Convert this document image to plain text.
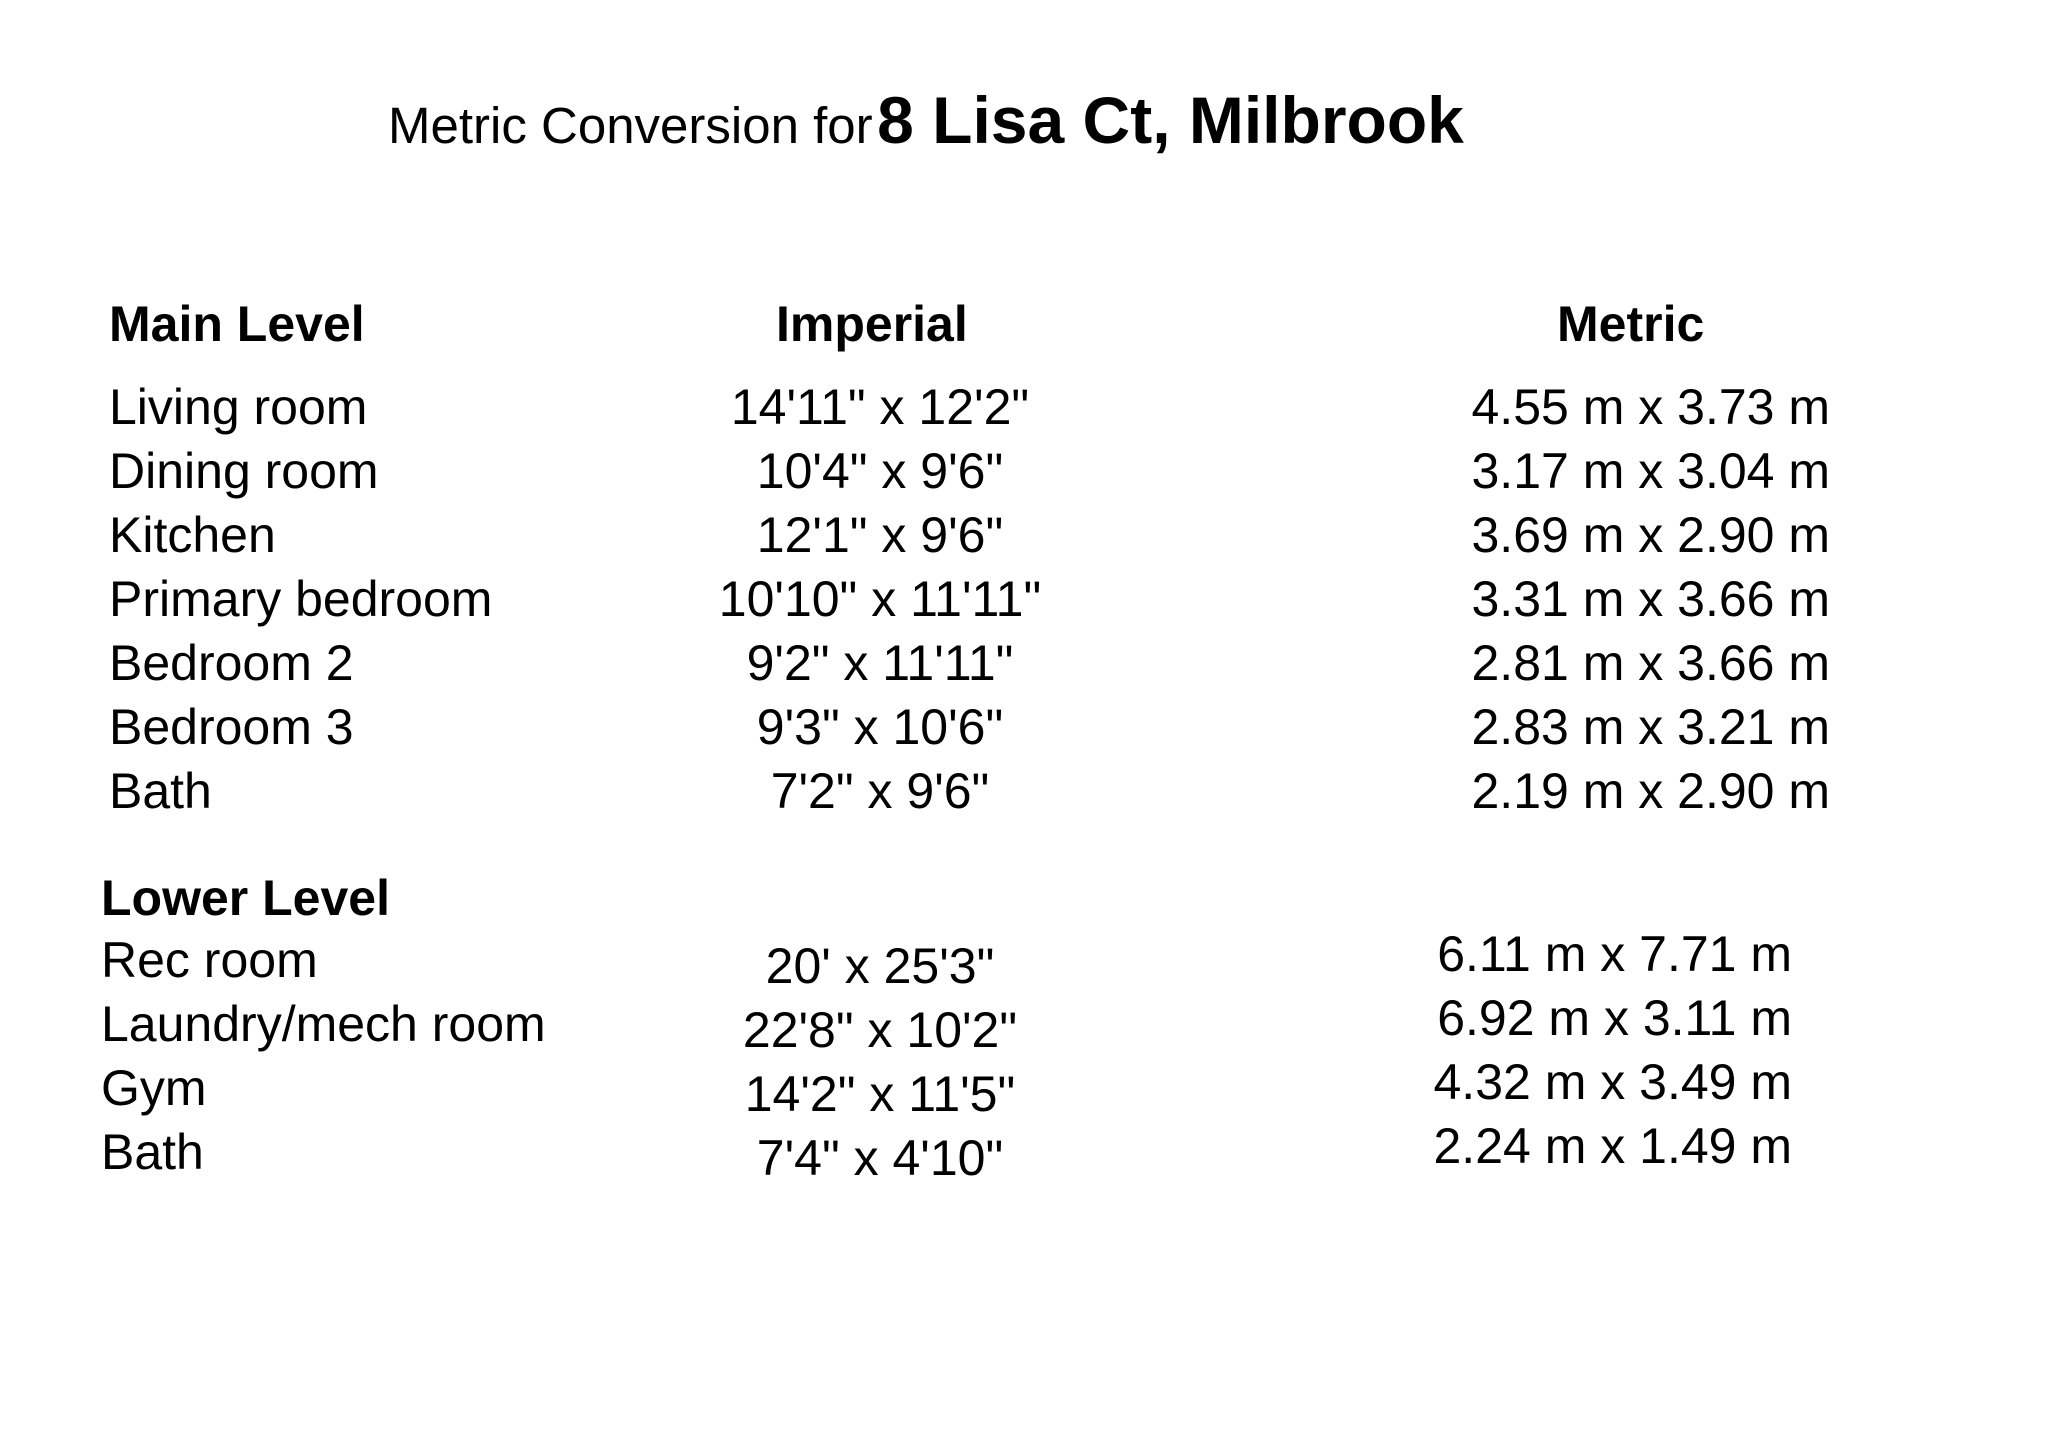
Metric Conversion for 8 Lisa Ct, Milbrook
Main Level	Imperial	Metric
Living room	14'11" x 12'2"	4.55 m x 3.73 m
Dining room	10'4" x 9'6"	3.17 m x 3.04 m
Kitchen	12'1" x 9'6"	3.69 m x 2.90 m
Primary bedroom	10'10" x 11'11"	3.31 m x 3.66 m
Bedroom 2	9'2" x 11'11"	2.81 m x 3.66 m
Bedroom 3	9'3" x 10'6"	2.83 m x 3.21 m
Bath	7'2" x 9'6"	2.19 m x 2.90 m
Lower Level
Rec room	20' x 25'3"	6.11 m x 7.71 m
Laundry/mech room	22'8" x 10'2"	6.92 m x 3.11 m
Gym	14'2" x 11'5"	4.32 m x 3.49 m
Bath	7'4" x 4'10"	2.24 m x 1.49 m
